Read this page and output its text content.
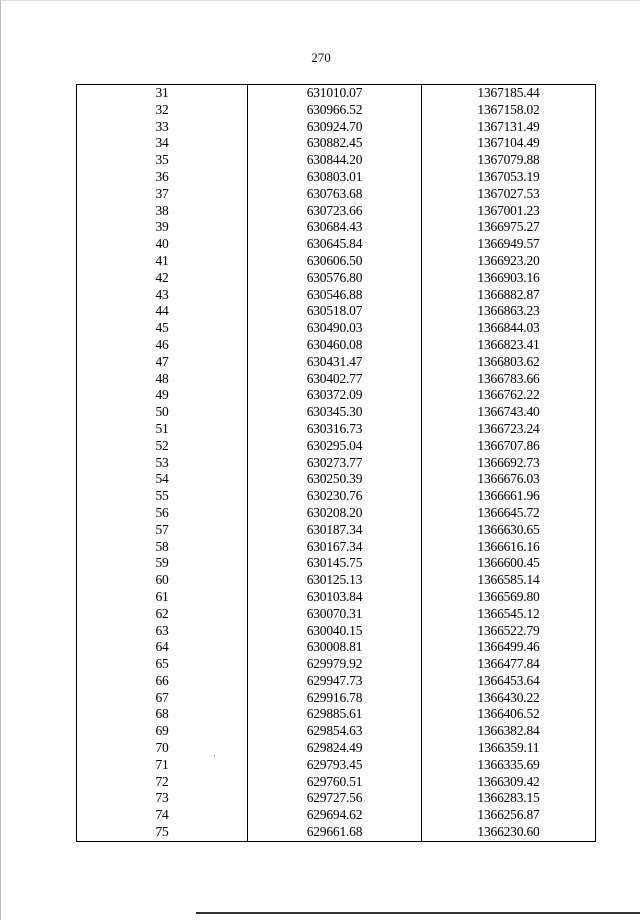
270
31	631010.07	1367185.44
32	630966.52	1367158.02
33	630924.70	1367131.49
34	630882.45	1367104.49
35	630844.20	1367079.88
36	630803.01	1367053.19
37	630763.68	1367027.53
38	630723.66	1367001.23
39	630684.43	1366975.27
40	630645.84	1366949.57
41	630606.50	1366923.20
42	630576.80	1366903.16
43	630546.88	1366882.87
44	630518.07	1366863.23
45	630490.03	1366844.03
46	630460.08	1366823.41
47	630431.47	1366803.62
48	630402.77	1366783.66
49	630372.09	1366762.22
50	630345.30	1366743.40
51	630316.73	1366723.24
52	630295.04	1366707.86
53	630273.77	1366692.73
54	630250.39	1366676.03
55	630230.76	1366661.96
56	630208.20	1366645.72
57	630187.34	1366630.65
58	630167.34	1366616.16
59	630145.75	1366600.45
60	630125.13	1366585.14
61	630103.84	1366569.80
62	630070.31	1366545.12
63	630040.15	1366522.79
64	630008.81	1366499.46
65	629979.92	1366477.84
66	629947.73	1366453.64
67	629916.78	1366430.22
68	629885.61	1366406.52
69	629854.63	1366382.84
70	629824.49	1366359.11
71	629793.45	1366335.69
72	629760.51	1366309.42
73	629727.56	1366283.15
74	629694.62	1366256.87
75	629661.68	1366230.60
